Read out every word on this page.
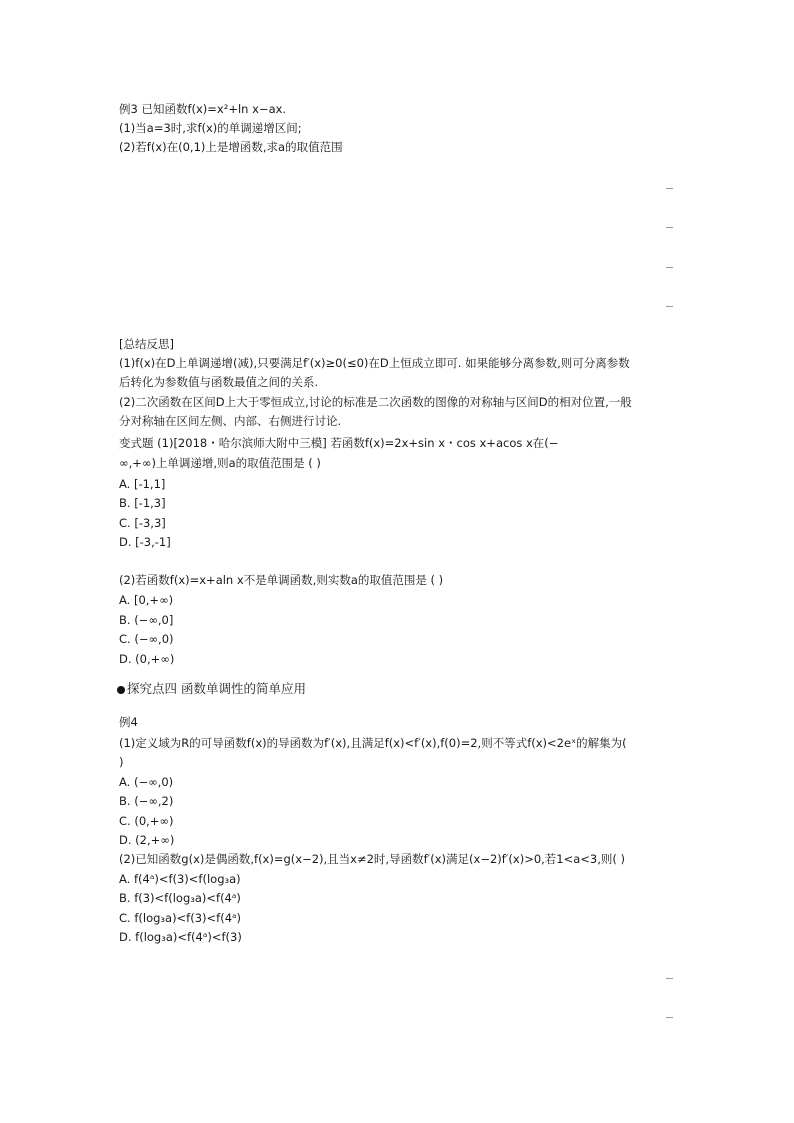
例3 已知函数f(x)=x²+ln x−ax.
(1)当a=3时,求f(x)的单调递增区间;
(2)若f(x)在(0,1)上是增函数,求a的取值范围
[总结反思]
(1)f(x)在D上单调递增(减),只要满足f′(x)≥0(≤0)在D上恒成立即可. 如果能够分离参数,则可分离参数
后转化为参数值与函数最值之间的关系.
(2)二次函数在区间D上大于零恒成立,讨论的标准是二次函数的图像的对称轴与区间D的相对位置,一般
分对称轴在区间左侧、内部、右侧进行讨论.
变式题 (1)[2018・哈尔滨师大附中三模] 若函数f(x)=2x+sin x・cos x+acos x在(−
∞,+∞)上单调递增,则a的取值范围是 ( )
A. [-1,1]
B. [-1,3]
C. [-3,3]
D. [-3,-1]
(2)若函数f(x)=x+aln x不是单调函数,则实数a的取值范围是 ( )
A. [0,+∞)
B. (−∞,0]
C. (−∞,0)
D. (0,+∞)
探究点四 函数单调性的简单应用
例4
(1)定义域为R的可导函数f(x)的导函数为f′(x),且满足f(x)<f′(x),f(0)=2,则不等式f(x)<2eˣ的解集为(
)
A. (−∞,0)
B. (−∞,2)
C. (0,+∞)
D. (2,+∞)
(2)已知函数g(x)是偶函数,f(x)=g(x−2),且当x≠2时,导函数f′(x)满足(x−2)f′(x)>0,若1<a<3,则( )
A. f(4ᵃ)<f(3)<f(log₃a)
B. f(3)<f(log₃a)<f(4ᵃ)
C. f(log₃a)<f(3)<f(4ᵃ)
D. f(log₃a)<f(4ᵃ)<f(3)
